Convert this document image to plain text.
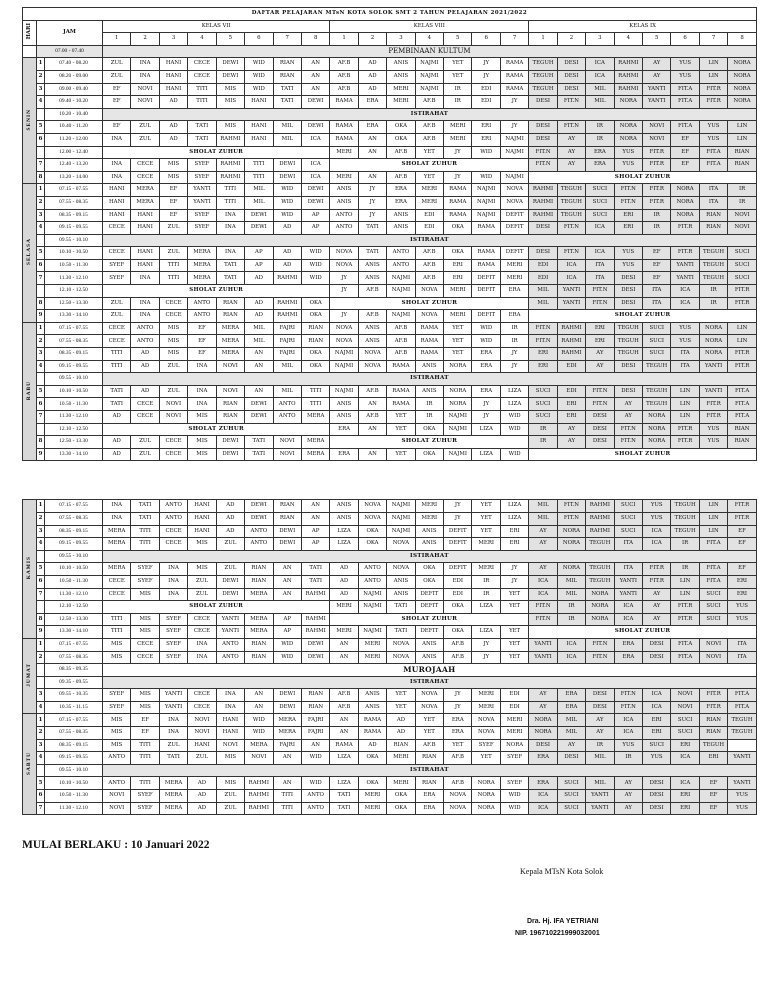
DAFTAR PELAJARAN MTsN KOTA SOLOK SMT 2 TAHUN PELAJARAN 2021/2022																									
HARI	JAM		KELAS VII								KELAS VIII							KELAS IX							
			1	2	3	4	5	6	7	8	1	2	3	4	5	6	7	1	2	3	4	5	6	7	8
	07.00 - 07.40		PEMBINAAN KULTUM																						
SENIN	1	07.40 - 08.20	ZUL	INA	HANI	CECE	DEWI	WID	RIAN	AN	AF.B	AD	ANIS	NAJMI	YET	JY	RAMA	TEGUH	DESI	ICA	RAHMI	AY	YUS	LIN	NORA
	2	08.20 - 09.00	ZUL	INA	HANI	CECE	DEWI	WID	RIAN	AN	AF.B	AD	ANIS	NAJMI	YET	JY	RAMA	TEGUH	DESI	ICA	RAHMI	AY	YUS	LIN	NORA
	3	09.00 - 09.40	EF	NOVI	HANI	TITI	MIS	WID	TATI	AN	AF.B	AD	MERI	NAJMI	IR	EDI	RAMA	TEGUH	DESI	MIL	RAHMI	YANTI	FIT.A	FIT.R	NORA
	4	09.40 - 10.20	EF	NOVI	AD	TITI	MIS	HANI	TATI	DEWI	RAMA	ERA	MERI	AF.B	IR	EDI	JY	DESI	FIT.N	MIL	NORA	YANTI	FIT.A	FIT.R	NORA
		10.20 - 10.40	ISTIRAHAT																						
	5	10.40 - 11.20	EF	ZUL	AD	TATI	MIS	HANI	MIL	DEWI	RAMA	ERA	OKA	AF.B	MERI	ERI	JY	DESI	FIT.N	IR	NORA	NOVI	FIT.A	YUS	LIN
	6	11.20 - 12.00	INA	ZUL	AD	TATI	RAHMI	HANI	MIL	ICA	RAMA	AN	OKA	AF.B	MERI	ERI	NAJMI	DESI	AY	IR	NORA	NOVI	EF	YUS	LIN
		12.00 - 12.40	SHOLAT ZUHUR								MERI	AN	AF.B	YET	JY	WID	NAJMI	FIT.N	AY	ERA	YUS	FIT.R	EF	FIT.A	RIAN
	7	12.40 - 13.20	INA	CECE	MIS	SYEF	RAHMI	TITI	DEWI	ICA	SHOLAT ZUHUR							FIT.N	AY	ERA	YUS	FIT.R	EF	FIT.A	RIAN
	8	13.20 - 14.00	INA	CECE	MIS	SYEF	RAHMI	TITI	DEWI	ICA	MERI	AN	AF.B	YET	JY	WID	NAJMI	SHOLAT ZUHUR							
SELASA	1	07.15 - 07.55	HANI	MERA	EF	YANTI	TITI	MIL	WID	DEWI	ANIS	JY	ERA	MERI	RAMA	NAJMI	NOVA	RAHMI	TEGUH	SUCI	FIT.N	FIT.R	NORA	ITA	IR
	2	07.55 - 08.35	HANI	MERA	EF	YANTI	TITI	MIL	WID	DEWI	ANIS	JY	ERA	MERI	RAMA	NAJMI	NOVA	RAHMI	TEGUH	SUCI	FIT.N	FIT.R	NORA	ITA	IR
	3	08.35 - 09.15	HANI	HANI	EF	SYEF	INA	DEWI	WID	AP	ANTO	JY	ANIS	EDI	RAMA	NAJMI	DEFIT	RAHMI	TEGUH	SUCI	ERI	IR	NORA	RIAN	NOVI
	4	09.15 - 09.55	CECE	HANI	ZUL	SYEF	INA	DEWI	AD	AP	ANTO	TATI	ANIS	EDI	OKA	RAMA	DEFIT	DESI	FIT.N	ICA	ERI	IR	FIT.R	RIAN	NOVI
		09.55 - 10.10	ISTIRAHAT																						
	5	10.10 - 10.50	CECE	HANI	ZUL	MERA	INA	AP	AD	WID	NOVA	TATI	ANTO	AF.B	OKA	RAMA	DEFIT	DESI	FIT.N	ICA	YUS	EF	FIT.R	TEGUH	SUCI
	6	10.50 - 11.30	SYEF	HANI	TITI	MERA	TATI	AP	AD	WID	NOVA	ANIS	ANTO	AF.B	ERI	RAMA	MERI	EDI	ICA	ITA	YUS	EF	YANTI	TEGUH	SUCI
	7	11.30 - 12.10	SYEF	INA	TITI	MERA	TATI	AD	RAHMI	WID	JY	ANIS	NAJMI	AF.B	ERI	DEFIT	MERI	EDI	ICA	ITA	DESI	EF	YANTI	TEGUH	SUCI
		12.10 - 12.50	SHOLAT ZUHUR								JY	AF.B	NAJMI	NOVA	MERI	DEFIT	ERA	MIL	YANTI	FIT.N	DESI	ITA	ICA	IR	FIT.R
	8	12.50 - 13.30	ZUL	INA	CECE	ANTO	RIAN	AD	RAHMI	OKA	SHOLAT ZUHUR							MIL	YANTI	FIT.N	DESI	ITA	ICA	IR	FIT.R
	9	13.30 - 14.10	ZUL	INA	CECE	ANTO	RIAN	AD	RAHMI	OKA	JY	AF.B	NAJMI	NOVA	MERI	DEFIT	ERA	SHOLAT ZUHUR							
RABU	1	07.15 - 07.55	CECE	ANTO	MIS	EF	MERA	MIL	FAJRI	RIAN	NOVA	ANIS	AF.B	RAMA	YET	WID	IR	FIT.N	RAHMI	ERI	TEGUH	SUCI	YUS	NORA	LIN
	2	07.55 - 08.35	CECE	ANTO	MIS	EF	MERA	MIL	FAJRI	RIAN	NOVA	ANIS	AF.B	RAMA	YET	WID	IR	FIT.N	RAHMI	ERI	TEGUH	SUCI	YUS	NORA	LIN
	3	08.35 - 09.15	TITI	AD	MIS	EF	MERA	AN	FAJRI	OKA	NAJMI	NOVA	AF.B	RAMA	YET	ERA	JY	ERI	RAHMI	AY	TEGUH	SUCI	ITA	NORA	FIT.R
	4	09.15 - 09.55	TITI	AD	ZUL	INA	NOVI	AN	MIL	OKA	NAJMI	NOVA	RAMA	ANIS	NORA	ERA	JY	ERI	EDI	AY	DESI	TEGUH	ITA	YANTI	FIT.R
		09.55 - 10.10	ISTIRAHAT																						
	5	10.10 - 10.50	TATI	AD	ZUL	INA	NOVI	AN	MIL	TITI	NAJMI	AF.B	RAMA	ANIS	NORA	ERA	LIZA	SUCI	EDI	FIT.N	DESI	TEGUH	LIN	YANTI	FIT.A
	6	10.50 - 11.30	TATI	CECE	NOVI	INA	RIAN	DEWI	ANTO	TITI	ANIS	AN	RAMA	IR	NORA	JY	LIZA	SUCI	ERI	FIT.N	AY	TEGUH	LIN	FIT.R	FIT.A
	7	11.30 - 12.10	AD	CECE	NOVI	MIS	RIAN	DEWI	ANTO	MERA	ANIS	AF.B	YET	IR	NAJMI	JY	WID	SUCI	ERI	DESI	AY	NORA	LIN	FIT.R	FIT.A
		12.10 - 12.50	SHOLAT ZUHUR								ERA	AN	YET	OKA	NAJMI	LIZA	WID	IR	AY	DESI	FIT.N	NORA	FIT.R	YUS	RIAN
	8	12.50 - 13.30	AD	ZUL	CECE	MIS	DEWI	TATI	NOVI	MERA	SHOLAT ZUHUR							IR	AY	DESI	FIT.N	NORA	FIT.R	YUS	RIAN
	9	13.30 - 14.10	AD	ZUL	CECE	MIS	DEWI	TATI	NOVI	MERA	ERA	AN	YET	OKA	NAJMI	LIZA	WID	SHOLAT ZUHUR							
KAMIS	1	07.15 - 07.55	INA	TATI	ANTO	HANI	AD	DEWI	RIAN	AN	ANIS	NOVA	NAJMI	MERI	JY	YET	LIZA	MIL	FIT.N	RAHMI	SUCI	YUS	TEGUH	LIN	FIT.R
	2	07.55 - 08.35	INA	TATI	ANTO	HANI	AD	DEWI	RIAN	AN	ANIS	NOVA	NAJMI	MERI	JY	YET	LIZA	MIL	FIT.N	RAHMI	SUCI	YUS	TEGUH	LIN	FIT.R
	3	08.35 - 09.15	MERA	TITI	CECE	HANI	AD	ANTO	DEWI	AP	LIZA	OKA	NAJMI	ANIS	DEFIT	YET	ERI	AY	NORA	RAHMI	SUCI	ICA	TEGUH	LIN	EF
	4	09.15 - 09.55	MERA	TITI	CECE	MIS	ZUL	ANTO	DEWI	AP	LIZA	OKA	NOVA	ANIS	DEFIT	MERI	ERI	AY	NORA	TEGUH	ITA	ICA	IR	FIT.A	EF
		09.55 - 10.10	ISTIRAHAT																						
	5	10.10 - 10.50	MERA	SYEF	INA	MIS	ZUL	RIAN	AN	TATI	AD	ANTO	NOVA	OKA	DEFIT	MERI	JY	AY	NORA	TEGUH	ITA	FIT.R	IR	FIT.A	EF
	6	10.50 - 11.30	CECE	SYEF	INA	ZUL	DEWI	RIAN	AN	TATI	AD	ANTO	ANIS	OKA	EDI	IR	JY	ICA	MIL	TEGUH	YANTI	FIT.R	LIN	FIT.A	ERI
	7	11.30 - 12.10	CECE	MIS	INA	ZUL	DEWI	MERA	AN	RAHMI	AD	NAJMI	ANIS	DEFIT	EDI	IR	YET	ICA	MIL	NORA	YANTI	AY	LIN	SUCI	ERI
		12.10 - 12.50	SHOLAT ZUHUR								MERI	NAJMI	TATI	DEFIT	OKA	LIZA	YET	FIT.N	IR	NORA	ICA	AY	FIT.R	SUCI	YUS
	8	12.50 - 13.30	TITI	MIS	SYEF	CECE	YANTI	MERA	AP	RAHMI	SHOLAT ZUHUR							FIT.N	IR	NORA	ICA	AY	FIT.R	SUCI	YUS
	9	13.30 - 14.10	TITI	MIS	SYEF	CECE	YANTI	MERA	AP	RAHMI	MERI	NAJMI	TATI	DEFIT	OKA	LIZA	YET	SHOLAT ZUHUR							
JUMAT	1	07.15 - 07.55	MIS	CECE	SYEF	INA	ANTO	RIAN	WID	DEWI	AN	MERI	NOVA	ANIS	AF.B	JY	YET	YANTI	ICA	FIT.N	ERA	DESI	FIT.A	NOVI	ITA
	2	07.55 - 08.35	MIS	CECE	SYEF	INA	ANTO	RIAN	WID	DEWI	AN	MERI	NOVA	ANIS	AF.B	JY	YET	YANTI	ICA	FIT.N	ERA	DESI	FIT.A	NOVI	ITA
		08.35 - 09.35	MUROJAAH																						
		09.35 - 09.55	ISTIRAHAT																						
	3	09.55 - 10.35	SYEF	MIS	YANTI	CECE	INA	AN	DEWI	RIAN	AF.B	ANIS	YET	NOVA	JY	MERI	EDI	AY	ERA	DESI	FIT.N	ICA	NOVI	FIT.R	FIT.A
	4	10.35 - 11.15	SYEF	MIS	YANTI	CECE	INA	AN	DEWI	RIAN	AF.B	ANIS	YET	NOVA	JY	MERI	EDI	AY	ERA	DESI	FIT.N	ICA	NOVI	FIT.R	FIT.A
SABTU	1	07.15 - 07.55	MIS	EF	INA	NOVI	HANI	WID	MERA	FAJRI	AN	RAMA	AD	YET	ERA	NOVA	MERI	NORA	MIL	AY	ICA	ERI	SUCI	RIAN	TEGUH
	2	07.55 - 08.35	MIS	EF	INA	NOVI	HANI	WID	MERA	FAJRI	AN	RAMA	AD	YET	ERA	NOVA	MERI	NORA	MIL	AY	ICA	ERI	SUCI	RIAN	TEGUH
	3	08.35 - 09.15	MIS	TITI	ZUL	HANI	NOVI	MERA	FAJRI	AN	RAMA	AD	RIAN	AF.B	YET	SYEF	NORA	DESI	AY	IR	YUS	SUCI	ERI	TEGUH	
	4	09.15 - 09.55	ANTO	TITI	TATI	ZUL	MIS	NOVI	AN	WID	LIZA	OKA	MERI	RIAN	AF.B	YET	SYEF	ERA	DESI	MIL	IR	YUS	ICA	ERI	YANTI
		09.55 - 10.10	ISTIRAHAT																						
	5	10.10 - 10.50	ANTO	TITI	MERA	AD	MIS	RAHMI	AN	WID	LIZA	OKA	MERI	RIAN	AF.B	NORA	SYEF	ERA	SUCI	MIL	AY	DESI	ICA	EF	YANTI
	6	10.50 - 11.30	NOVI	SYEF	MERA	AD	ZUL	RAHMI	TITI	ANTO	TATI	MERI	OKA	ERA	NOVA	NORA	WID	ICA	SUCI	YANTI	AY	DESI	ERI	EF	YUS
	7	11.30 - 12.10	NOVI	SYEF	MERA	AD	ZUL	RAHMI	TITI	ANTO	TATI	MERI	OKA	ERA	NOVA	NORA	WID	ICA	SUCI	YANTI	AY	DESI	ERI	EF	YUS
MULAI BERLAKU : 10 Januari 2022
Kepala MTsN Kota Solok
Dra. Hj. IFA YETRIANI
NIP. 196710221999032001
